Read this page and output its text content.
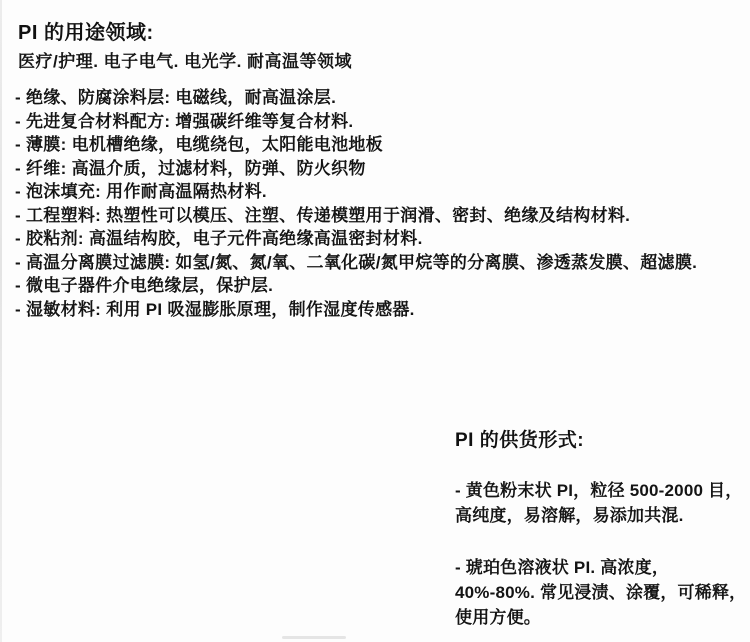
PI 的用途领域:
医疗/护理. 电子电气. 电光学. 耐高温等领域
- 绝缘、防腐涂料层: 电磁线，耐高温涂层.
- 先进复合材料配方: 增强碳纤维等复合材料.
- 薄膜: 电机槽绝缘，电缆绕包，太阳能电池地板
- 纤维: 高温介质，过滤材料，防弹、防火织物
- 泡沫填充: 用作耐高温隔热材料.
- 工程塑料: 热塑性可以模压、注塑、传递模塑用于润滑、密封、绝缘及结构材料.
- 胶粘剂: 高温结构胶，电子元件高绝缘高温密封材料.
- 高温分离膜过滤膜: 如氢/氮、氮/氧、二氧化碳/氮甲烷等的分离膜、渗透蒸发膜、超滤膜.
- 微电子器件介电绝缘层，保护层.
- 湿敏材料: 利用 PI 吸湿膨胀原理，制作湿度传感器.
PI 的供货形式:
- 黄色粉末状 PI，粒径 500-2000 目，高纯度，易溶解，易添加共混.
- 琥珀色溶液状 PI. 高浓度，40%-80%. 常见浸渍、涂覆，可稀释，使用方便。
